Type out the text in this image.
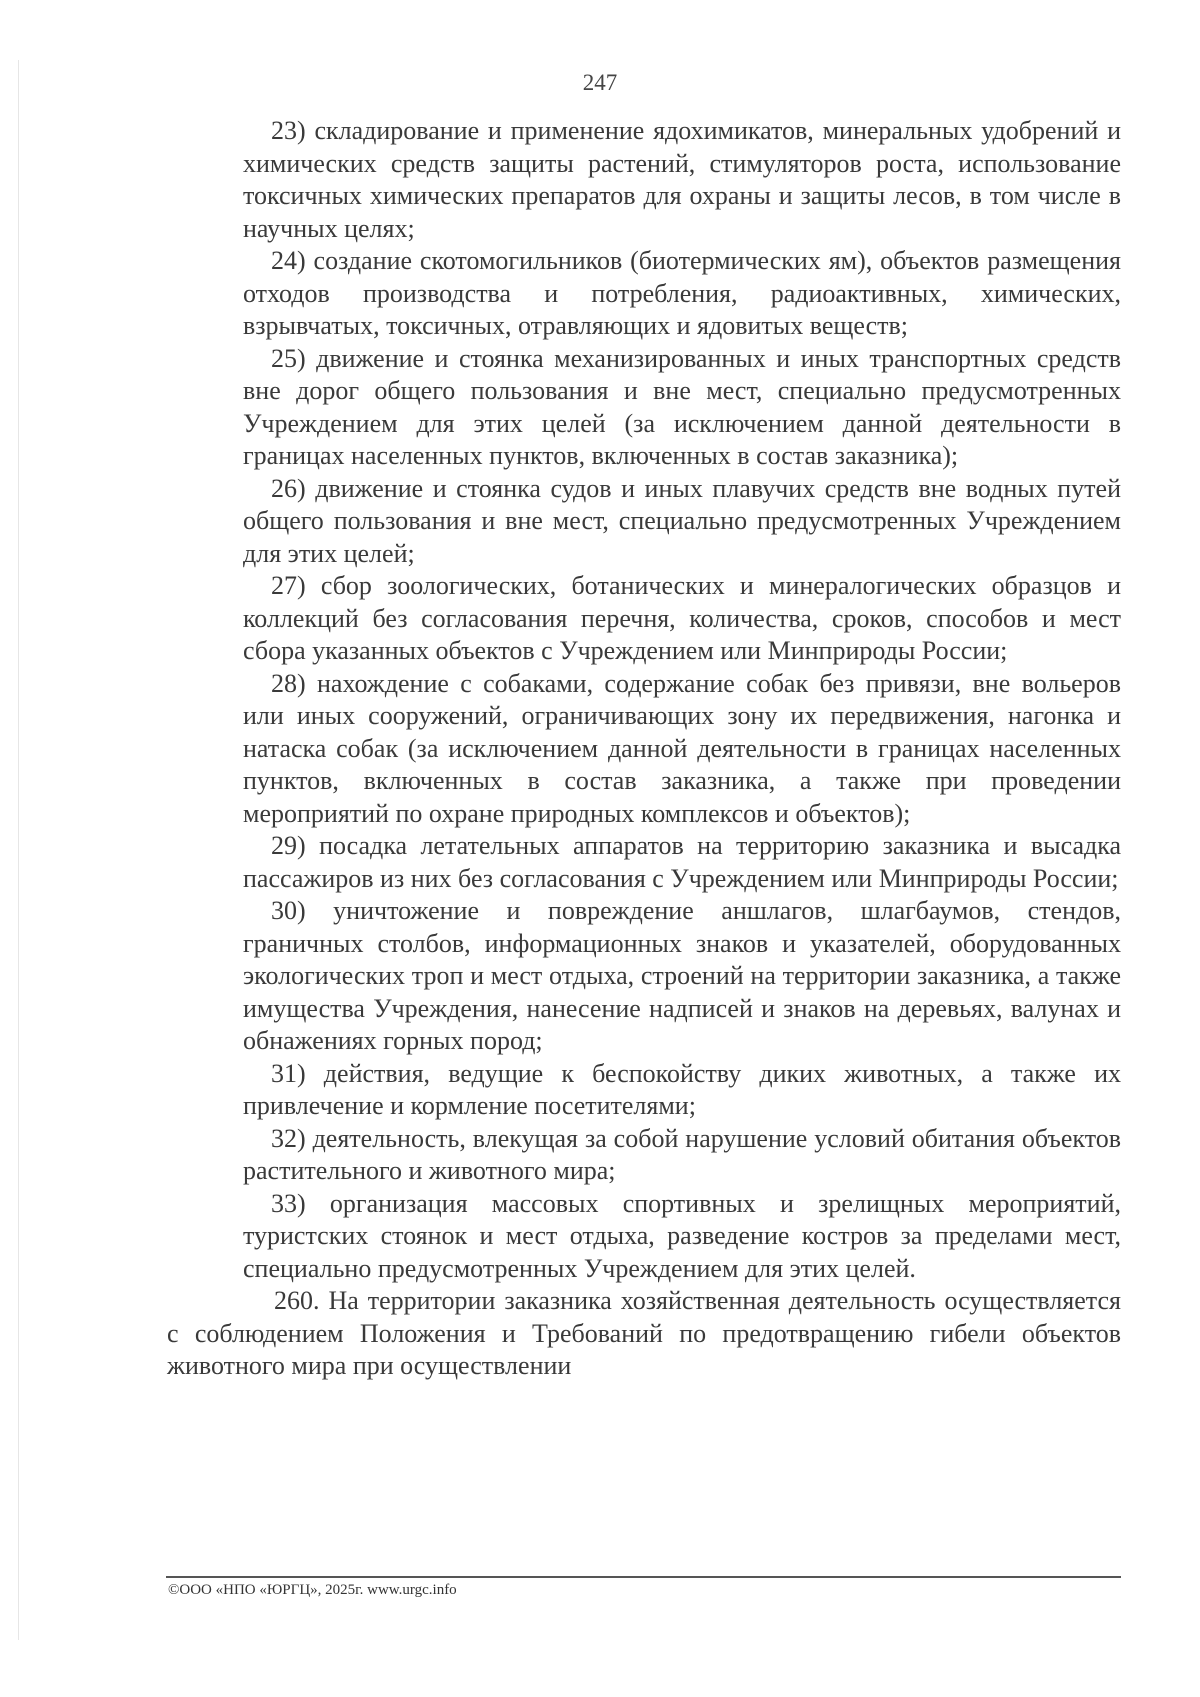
247

23) складирование и применение ядохимикатов, минеральных удобрений и химических средств защиты растений, стимуляторов роста, использование токсичных химических препаратов для охраны и защиты лесов, в том числе в научных целях;

24) создание скотомогильников (биотермических ям), объектов размещения отходов производства и потребления, радиоактивных, химических, взрывчатых, токсичных, отравляющих и ядовитых веществ;

25) движение и стоянка механизированных и иных транспортных средств вне дорог общего пользования и вне мест, специально предусмотренных Учреждением для этих целей (за исключением данной деятельности в границах населенных пунктов, включенных в состав заказника);

26) движение и стоянка судов и иных плавучих средств вне водных путей общего пользования и вне мест, специально предусмотренных Учреждением для этих целей;

27) сбор зоологических, ботанических и минералогических образцов и коллекций без согласования перечня, количества, сроков, способов и мест сбора указанных объектов с Учреждением или Минприроды России;

28) нахождение с собаками, содержание собак без привязи, вне вольеров или иных сооружений, ограничивающих зону их передвижения, нагонка и натаска собак (за исключением данной деятельности в границах населенных пунктов, включенных в состав заказника, а также при проведении мероприятий по охране природных комплексов и объектов);

29) посадка летательных аппаратов на территорию заказника и высадка пассажиров из них без согласования с Учреждением или Минприроды России;

30) уничтожение и повреждение аншлагов, шлагбаумов, стендов, граничных столбов, информационных знаков и указателей, оборудованных экологических троп и мест отдыха, строений на территории заказника, а также имущества Учреждения, нанесение надписей и знаков на деревьях, валунах и обнажениях горных пород;

31) действия, ведущие к беспокойству диких животных, а также их привлечение и кормление посетителями;

32) деятельность, влекущая за собой нарушение условий обитания объектов растительного и животного мира;

33) организация массовых спортивных и зрелищных мероприятий, туристских стоянок и мест отдыха, разведение костров за пределами мест, специально предусмотренных Учреждением для этих целей.

260. На территории заказника хозяйственная деятельность осуществляется с соблюдением Положения и Требований по предотвращению гибели объектов животного мира при осуществлении

©ООО «НПО «ЮРГЦ», 2025г. www.urgc.info
